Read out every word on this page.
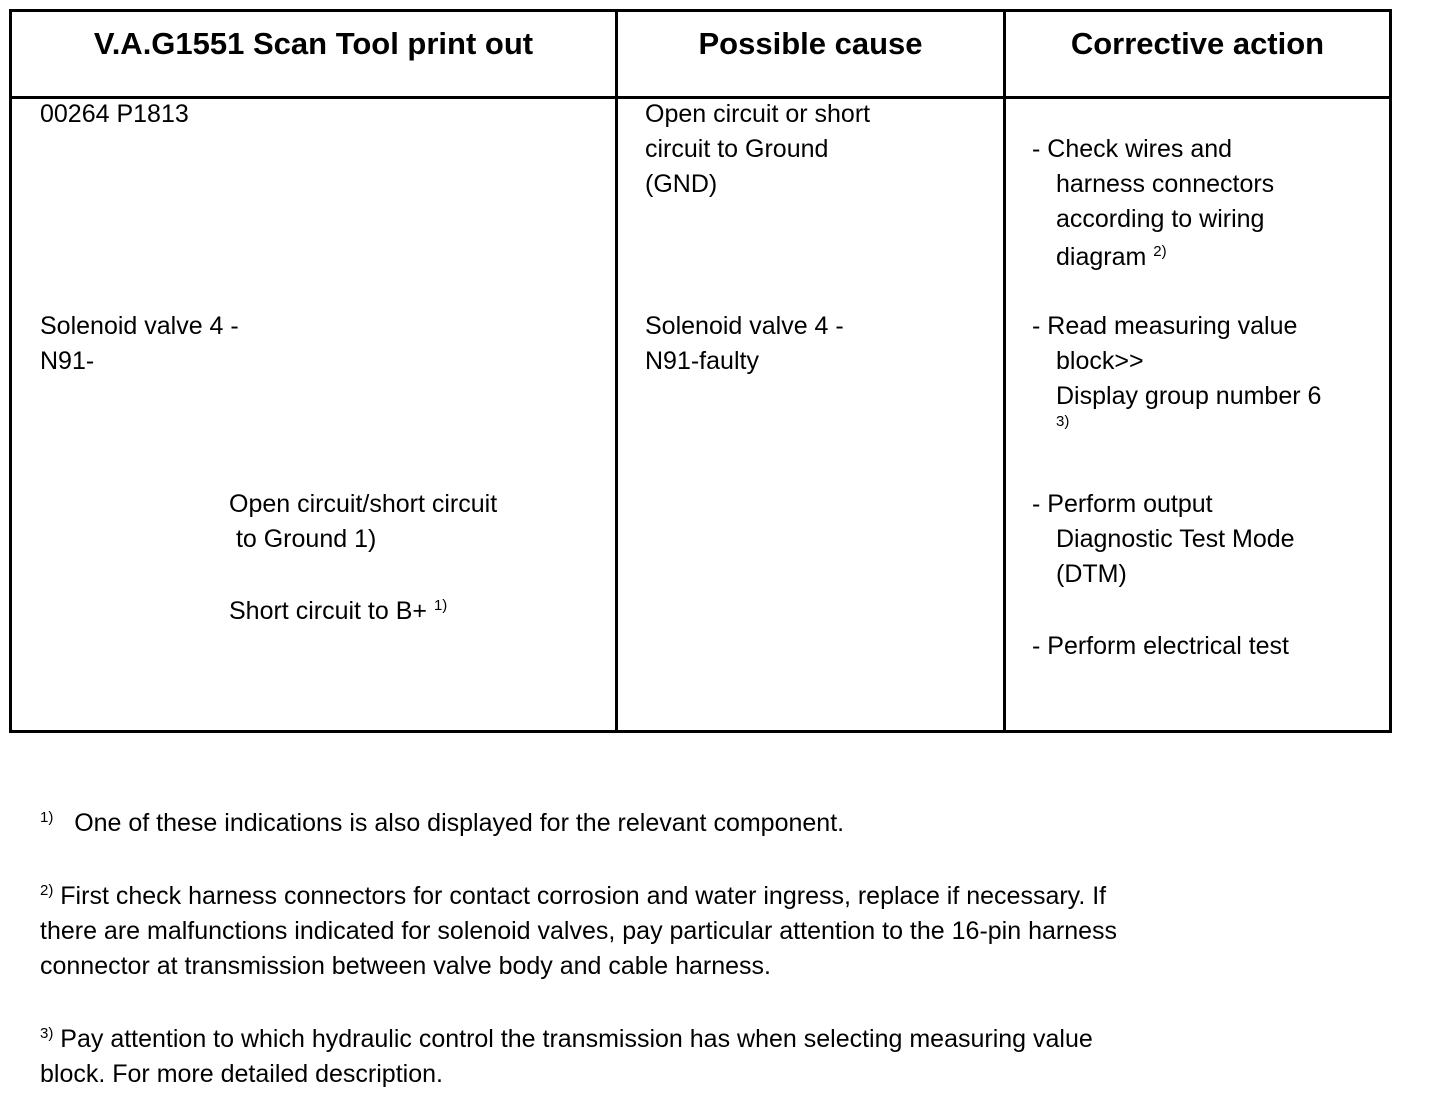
V.A.G1551 Scan Tool print out	Possible cause	Corrective action
00264 P1813
Solenoid valve 4 -
N91-
Open circuit/short circuit
to Ground 1)
Short circuit to B+ $^{1)}$
Open circuit or short
circuit to Ground
(GND)
Solenoid valve 4 -
N91-faulty
- Check wires and
harness connectors
according to wiring
diagram $^{2)}$
- Read measuring value
block>>
Display group number 6
3)
- Perform output
Diagnostic Test Mode
(DTM)
- Perform electrical test
$^{1)}$ One of these indications is also displayed for the relevant component.
$^{2)}$ First check harness connectors for contact corrosion and water ingress, replace if necessary. If
there are malfunctions indicated for solenoid valves, pay particular attention to the 16-pin harness
connector at transmission between valve body and cable harness.
$^{3)}$ Pay attention to which hydraulic control the transmission has when selecting measuring value
block. For more detailed description.
